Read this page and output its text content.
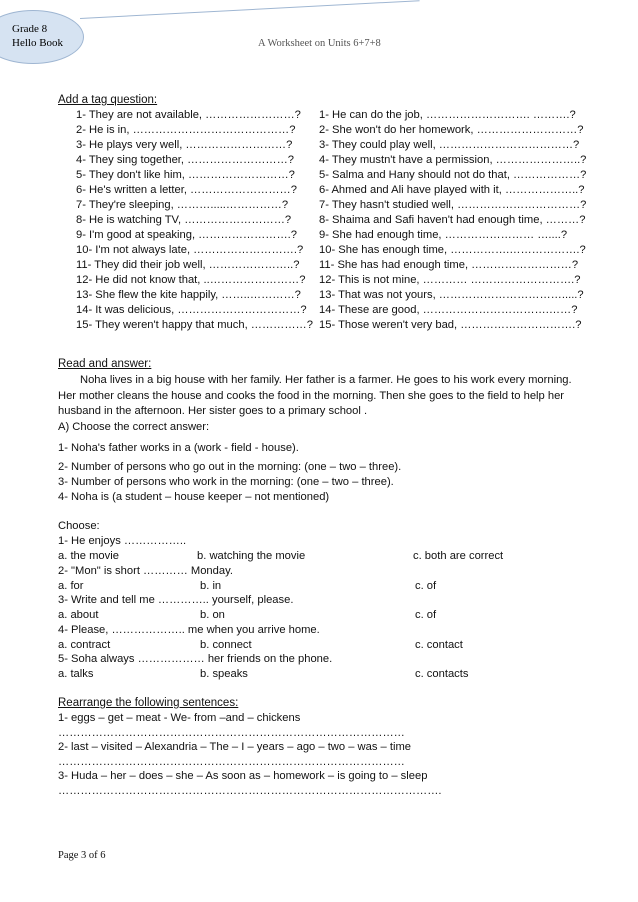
Grade 8
Hello Book	A Worksheet on Units 6+7+8
Add a tag question:
1- They are not available, ……………………?
2- He is in, ……………………………………?
3- He plays very well, ………………………?
4- They sing together, ………………………?
5- They don't like him, ………………………?
6- He's written a letter, ………………………?
7- They're sleeping, ……….....……………?
8- He is watching TV, ………………………?
9- I'm good at speaking, …………………….?
10- I'm not always late, ……………………….?
11- They did their job well, …………………..?
12- He did not know that, ..……………………?
13- She flew the kite happily, ……..…………?
14- It was delicious, ……………………………?
15- They weren't happy that much, ……………?
1- He can do the job, ………………………. ……….?
2- She won't do her homework, ………………………?
3- They could play well, ………………………………?
4- They mustn't have a permission, …………………..?
5- Salma and Hany should not do that, ………………?
6- Ahmed and Ali have played with it, ………………..?
7- They hasn't studied well, ……………………………?
8- Shaima and Safi haven't had enough time, ………?
9- She had enough time, …………………… …....?
10- She has enough time, …………….……………….?
11- She has had enough time, ………………………?
12- This is not mine, ………… ……………………….?
13- That was not yours, …………………………….....?
14- These are good, …………………………….……?
15- Those weren't very bad, ………………………….?
Read and answer:
Noha lives in a big house with her family. Her father is a farmer. He goes to his work every morning. Her mother cleans the house and cooks the food in the morning. Then she goes to the field to help her husband in the afternoon. Her sister goes to a primary school .
A) Choose the correct answer:
1- Noha's father works in a (work - field - house).
2- Number of persons who go out in the morning: (one – two – three).
3- Number of persons who work in the morning: (one – two – three).
4- Noha is (a student – house keeper – not mentioned)
Choose:
1- He enjoys ……………..
a. the movie	b. watching the movie	c. both are correct
2- "Mon" is short ………… Monday.
a. for	b. in	c. of
3- Write and tell me ………….. yourself, please.
a. about	b. on	c. of
4- Please, ……………….. me when you arrive home.
a. contract	b. connect	c. contact
5- Soha always ……………… her friends on the phone.
a. talks	b. speaks	c. contacts
Rearrange the following sentences:
1- eggs – get – meat - We- from –and – chickens
…………………………………………………………………………………
2- last – visited – Alexandria – The – I – years – ago – two – was – time
…………………………………………………………………………………
3- Huda – her – does – she – As soon as – homework – is going to – sleep
………………………………………………………………………………………….
Page 3 of 6
